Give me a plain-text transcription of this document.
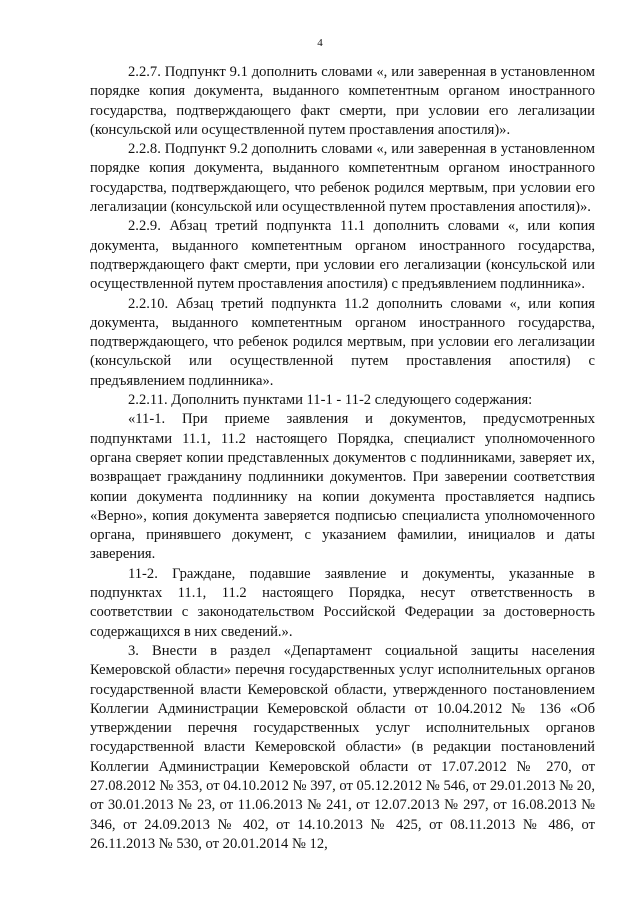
4

2.2.7. Подпункт 9.1 дополнить словами «, или заверенная в установленном порядке копия документа, выданного компетентным органом иностранного государства, подтверждающего факт смерти, при условии его легализации (консульской или осуществленной путем проставления апостиля)».

2.2.8. Подпункт 9.2 дополнить словами «, или заверенная в установленном порядке копия документа, выданного компетентным органом иностранного государства, подтверждающего, что ребенок родился мертвым, при условии его легализации (консульской или осуществленной путем проставления апостиля)».

2.2.9. Абзац третий подпункта 11.1 дополнить словами «, или копия документа, выданного компетентным органом иностранного государства, подтверждающего факт смерти, при условии его легализации (консульской или осуществленной путем проставления апостиля) с предъявлением подлинника».

2.2.10. Абзац третий подпункта 11.2 дополнить словами «, или копия документа, выданного компетентным органом иностранного государства, подтверждающего, что ребенок родился мертвым, при условии его легализации (консульской или осуществленной путем проставления апостиля) с предъявлением подлинника».

2.2.11. Дополнить пунктами 11-1 - 11-2 следующего содержания:

«11-1. При приеме заявления и документов, предусмотренных подпунктами 11.1, 11.2 настоящего Порядка, специалист уполномоченного органа сверяет копии представленных документов с подлинниками, заверяет их, возвращает гражданину подлинники документов. При заверении соответствия копии документа подлиннику на копии документа проставляется надпись «Верно», копия документа заверяется подписью специалиста уполномоченного органа, принявшего документ, с указанием фамилии, инициалов и даты заверения.

11-2. Граждане, подавшие заявление и документы, указанные в подпунктах 11.1, 11.2 настоящего Порядка, несут ответственность в соответствии с законодательством Российской Федерации за достоверность содержащихся в них сведений.».

3. Внести в раздел «Департамент социальной защиты населения Кемеровской области» перечня государственных услуг исполнительных органов государственной власти Кемеровской области, утвержденного постановлением Коллегии Администрации Кемеровской области от 10.04.2012 № 136 «Об утверждении перечня государственных услуг исполнительных органов государственной власти Кемеровской области» (в редакции постановлений Коллегии Администрации Кемеровской области от 17.07.2012 № 270, от 27.08.2012 № 353, от 04.10.2012 № 397, от 05.12.2012 № 546, от 29.01.2013 № 20, от 30.01.2013 № 23, от 11.06.2013 № 241, от 12.07.2013 № 297, от 16.08.2013 № 346, от 24.09.2013 № 402, от 14.10.2013 № 425, от 08.11.2013 № 486, от 26.11.2013 № 530, от 20.01.2014 № 12,
